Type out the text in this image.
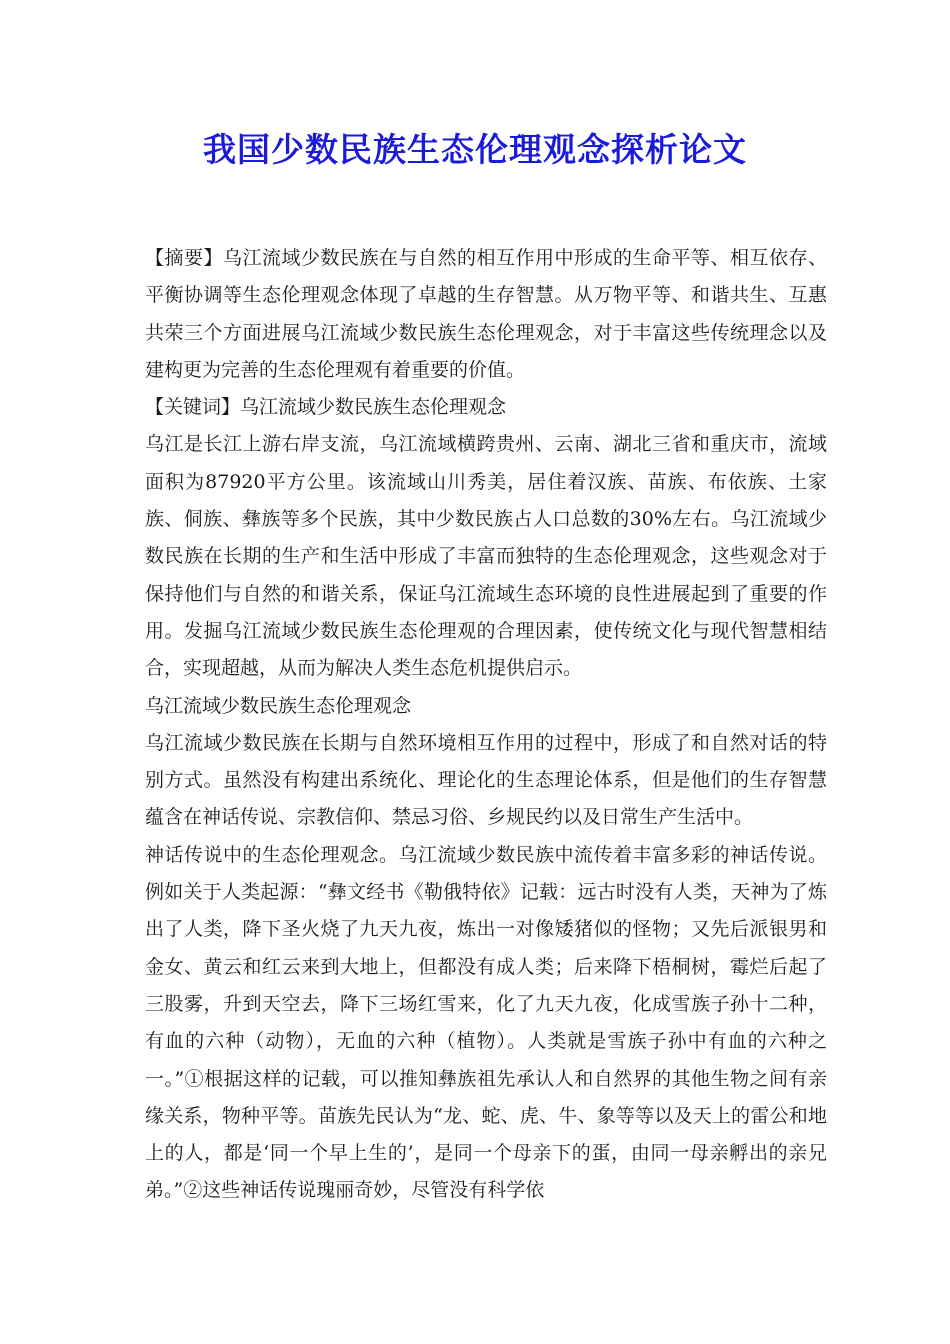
我国少数民族生态伦理观念探析论文

【摘要】乌江流域少数民族在与自然的相互作用中形成的生命平等、相互依存、平衡协调等生态伦理观念体现了卓越的生存智慧。从万物平等、和谐共生、互惠共荣三个方面进展乌江流域少数民族生态伦理观念，对于丰富这些传统理念以及建构更为完善的生态伦理观有着重要的价值。

【关键词】乌江流域少数民族生态伦理观念

乌江是长江上游右岸支流，乌江流域横跨贵州、云南、湖北三省和重庆市，流域面积为87920平方公里。该流域山川秀美，居住着汉族、苗族、布依族、土家族、侗族、彝族等多个民族，其中少数民族占人口总数的30%左右。乌江流域少数民族在长期的生产和生活中形成了丰富而独特的生态伦理观念，这些观念对于保持他们与自然的和谐关系，保证乌江流域生态环境的良性进展起到了重要的作用。发掘乌江流域少数民族生态伦理观的合理因素，使传统文化与现代智慧相结合，实现超越，从而为解决人类生态危机提供启示。

乌江流域少数民族生态伦理观念

乌江流域少数民族在长期与自然环境相互作用的过程中，形成了和自然对话的特别方式。虽然没有构建出系统化、理论化的生态理论体系，但是他们的生存智慧蕴含在神话传说、宗教信仰、禁忌习俗、乡规民约以及日常生产生活中。

神话传说中的生态伦理观念。乌江流域少数民族中流传着丰富多彩的神话传说。例如关于人类起源：“彝文经书《勒俄特依》记载：远古时没有人类，天神为了炼出了人类，降下圣火烧了九天九夜，炼出一对像矮猪似的怪物；又先后派银男和金女、黄云和红云来到大地上，但都没有成人类；后来降下梧桐树，霉烂后起了三股雾，升到天空去，降下三场红雪来，化了九天九夜，化成雪族子孙十二种，有血的六种（动物），无血的六种（植物）。人类就是雪族子孙中有血的六种之一。”①根据这样的记载，可以推知彝族祖先承认人和自然界的其他生物之间有亲缘关系，物种平等。苗族先民认为“龙、蛇、虎、牛、象等等以及天上的雷公和地上的人，都是‘同一个早上生的’，是同一个母亲下的蛋，由同一母亲孵出的亲兄弟。”②这些神话传说瑰丽奇妙，尽管没有科学依
